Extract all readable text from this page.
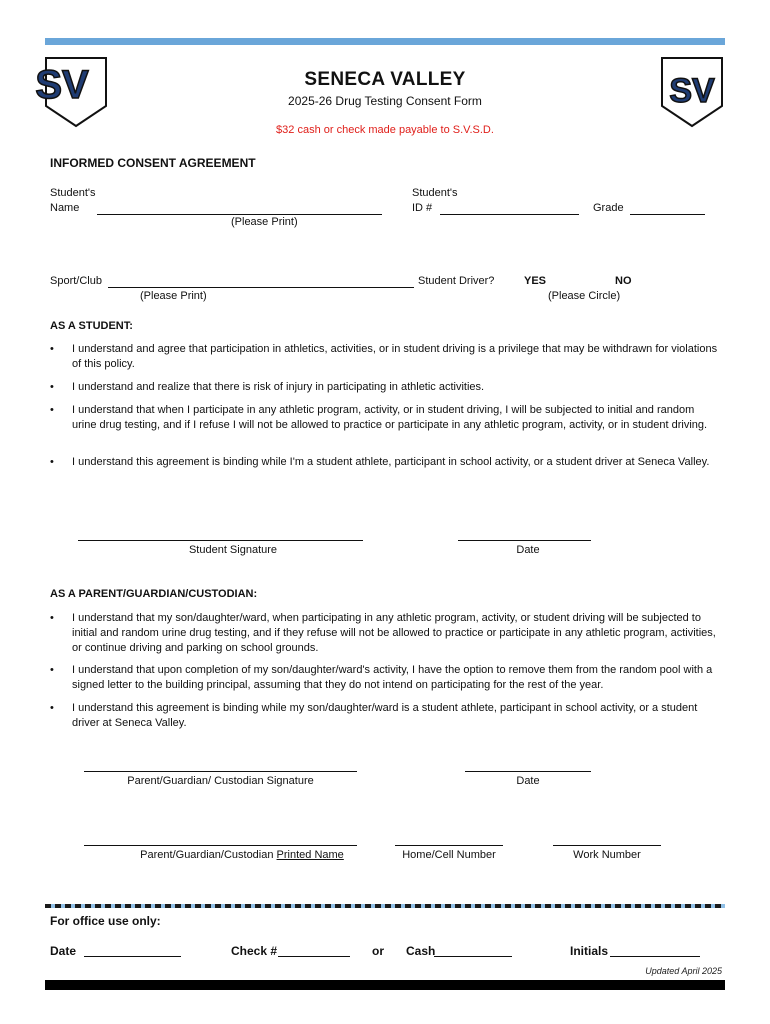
SV	SV
SENECA VALLEY
2025-26 Drug Testing Consent Form
$32 cash or check made payable to S.V.S.D.
INFORMED CONSENT AGREEMENT
Student's
Name
(Please Print)
Student's
ID #	Grade
Sport/Club
(Please Print)
Student Driver?	YES	NO
(Please Circle)
AS A STUDENT:
• I understand and agree that participation in athletics, activities, or in student driving is a privilege that may be withdrawn for violations of this policy.
• I understand and realize that there is risk of injury in participating in athletic activities.
• I understand that when I participate in any athletic program, activity, or in student driving, I will be subjected to initial and random urine drug testing, and if I refuse I will not be allowed to practice or participate in any athletic program, activity, or in student driving.
• I understand this agreement is binding while I'm a student athlete, participant in school activity, or a student driver at Seneca Valley.
Student Signature	Date
AS A PARENT/GUARDIAN/CUSTODIAN:
• I understand that my son/daughter/ward, when participating in any athletic program, activity, or student driving will be subjected to initial and random urine drug testing, and if they refuse will not be allowed to practice or participate in any athletic program, activities, or continue driving and parking on school grounds.
• I understand that upon completion of my son/daughter/ward's activity, I have the option to remove them from the random pool with a signed letter to the building principal, assuming that they do not intend on participating for the rest of the year.
• I understand this agreement is binding while my son/daughter/ward is a student athlete, participant in school activity, or a student driver at Seneca Valley.
Parent/Guardian/ Custodian Signature	Date
Parent/Guardian/Custodian Printed Name	Home/Cell Number	Work Number
For office use only:
Date	Check #	or Cash	Initials
Updated April 2025
